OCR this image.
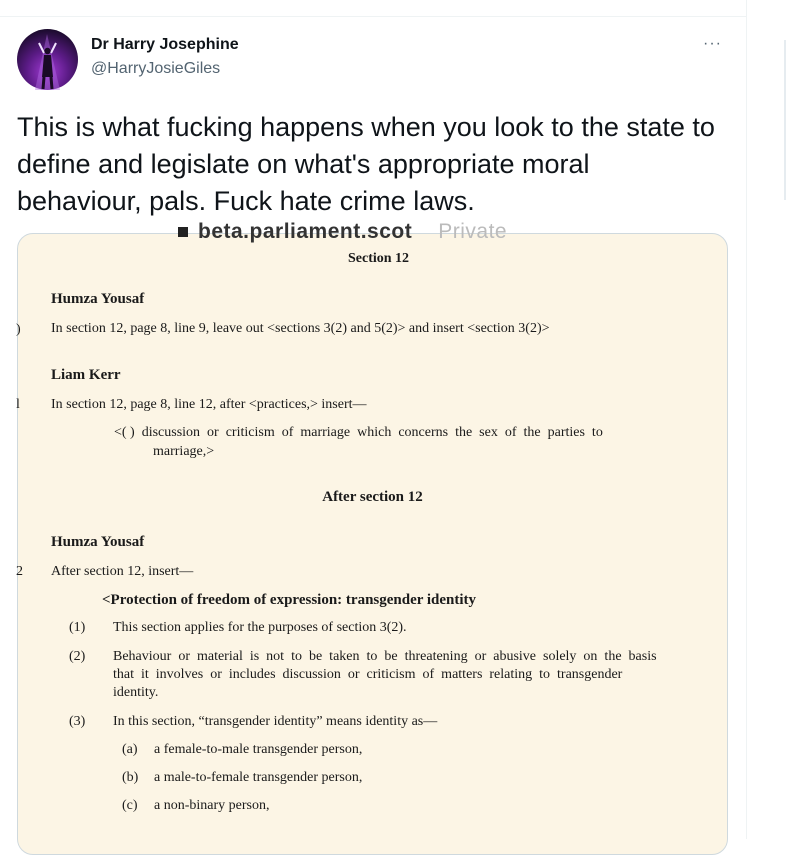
Dr Harry Josephine
@HarryJosieGiles
···

This is what fucking happens when you look to the state to define and legislate on what's appropriate moral behaviour, pals. Fuck hate crime laws.

beta.parliament.scot Private
Section 12
Humza Yousaf
) In section 12, page 8, line 9, leave out <sections 3(2) and 5(2)> and insert <section 3(2)>
Liam Kerr
l In section 12, page 8, line 12, after <practices,> insert—
<( )  discussion  or  criticism  of  marriage  which  concerns  the  sex  of  the  parties  to
marriage,>
After section 12
Humza Yousaf
2 After section 12, insert—
<Protection of freedom of expression: transgender identity
(1) This section applies for the purposes of section 3(2).
(2) Behaviour  or  material  is  not  to  be  taken  to  be  threatening  or  abusive  solely  on  the  basis
that  it  involves  or  includes  discussion  or  criticism  of  matters  relating  to  transgender
identity.
(3) In this section, “transgender identity” means identity as—
(a) a female-to-male transgender person,
(b) a male-to-female transgender person,
(c) a non-binary person,
